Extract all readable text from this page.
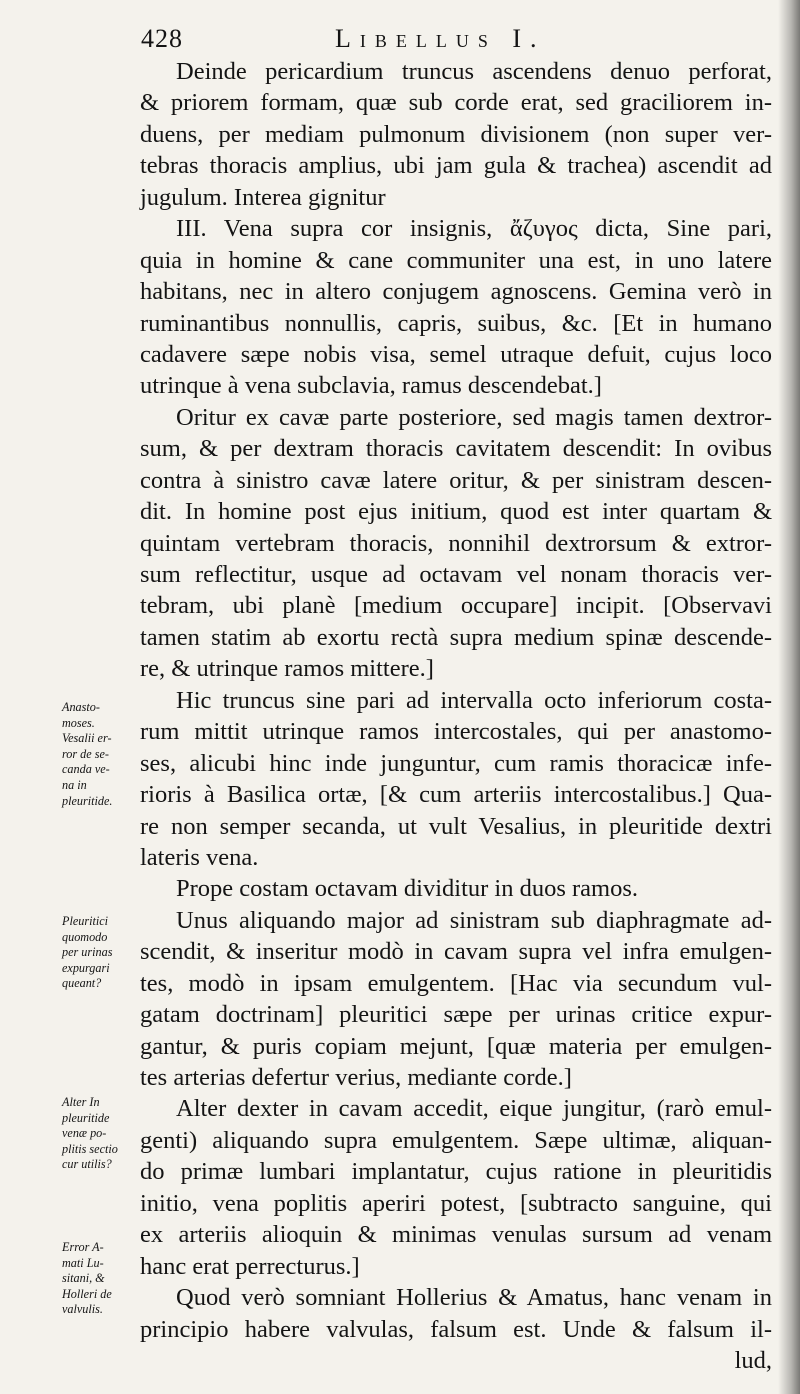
428	Libellus I.
Deinde pericardium truncus ascendens denuo perforat,
& priorem formam, quæ sub corde erat, sed graciliorem in-
duens, per mediam pulmonum divisionem (non super ver-
tebras thoracis amplius, ubi jam gula & trachea) ascendit ad
jugulum. Interea gignitur
III. Vena supra cor insignis, ἄζυγος dicta, Sine pari,
quia in homine & cane communiter una est, in uno latere
habitans, nec in altero conjugem agnoscens. Gemina verò in
ruminantibus nonnullis, capris, suibus, &c. [Et in humano
cadavere sæpe nobis visa, semel utraque defuit, cujus loco
utrinque à vena subclavia, ramus descendebat.]
Oritur ex cavæ parte posteriore, sed magis tamen dextror-
sum, & per dextram thoracis cavitatem descendit: In ovibus
contra à sinistro cavæ latere oritur, & per sinistram descen-
dit. In homine post ejus initium, quod est inter quartam &
quintam vertebram thoracis, nonnihil dextrorsum & extror-
sum reflectitur, usque ad octavam vel nonam thoracis ver-
tebram, ubi planè [medium occupare] incipit. [Observavi
tamen statim ab exortu rectà supra medium spinæ descende-
re, & utrinque ramos mittere.]
Hic truncus sine pari ad intervalla octo inferiorum costa-
rum mittit utrinque ramos intercostales, qui per anastomo-
ses, alicubi hinc inde junguntur, cum ramis thoracicæ infe-
rioris à Basilica ortæ, [& cum arteriis intercostalibus.] Qua-
re non semper secanda, ut vult Vesalius, in pleuritide dextri
lateris vena.
Prope costam octavam dividitur in duos ramos.
Unus aliquando major ad sinistram sub diaphragmate ad-
scendit, & inseritur modò in cavam supra vel infra emulgen-
tes, modò in ipsam emulgentem. [Hac via secundum vul-
gatam doctrinam] pleuritici sæpe per urinas critice expur-
gantur, & puris copiam mejunt, [quæ materia per emulgen-
tes arterias defertur verius, mediante corde.]
Alter dexter in cavam accedit, eique jungitur, (rarò emul-
genti) aliquando supra emulgentem. Sæpe ultimæ, aliquan-
do primæ lumbari implantatur, cujus ratione in pleuritidis
initio, vena poplitis aperiri potest, [subtracto sanguine, qui
ex arteriis alioquin & minimas venulas sursum ad venam
hanc erat perrecturus.]
Quod verò somniant Hollerius & Amatus, hanc venam in
principio habere valvulas, falsum est. Unde & falsum il-
lud,
Anasto-
moses.
Vesalii er-
ror de se-
canda ve-
na in
pleuritide.
Pleuritici
quomodo
per urinas
expurgari
queant?
Alter In
pleuritide
venæ po-
plitis sectio
cur utilis?
Error A-
mati Lu-
sitani, &
Holleri de
valvulis.
